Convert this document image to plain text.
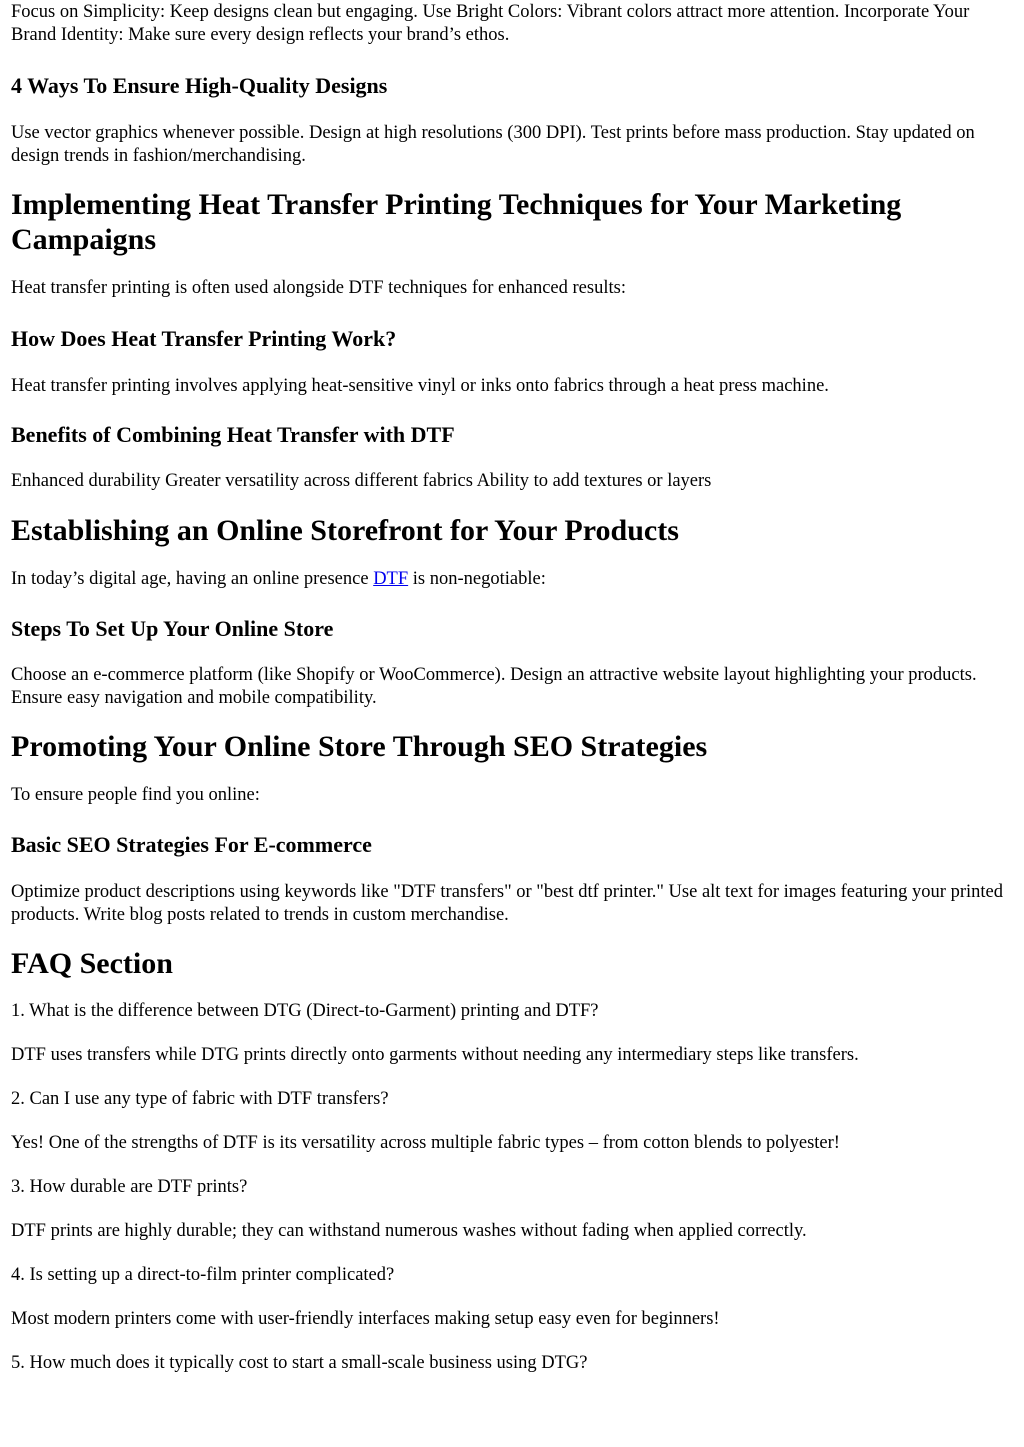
Focus on Simplicity: Keep designs clean but engaging. Use Bright Colors: Vibrant colors attract more attention. Incorporate Your Brand Identity: Make sure every design reflects your brand’s ethos.

4 Ways To Ensure High-Quality Designs

Use vector graphics whenever possible. Design at high resolutions (300 DPI). Test prints before mass production. Stay updated on design trends in fashion/merchandising.

Implementing Heat Transfer Printing Techniques for Your Marketing Campaigns

Heat transfer printing is often used alongside DTF techniques for enhanced results:

How Does Heat Transfer Printing Work?

Heat transfer printing involves applying heat-sensitive vinyl or inks onto fabrics through a heat press machine.

Benefits of Combining Heat Transfer with DTF

Enhanced durability Greater versatility across different fabrics Ability to add textures or layers

Establishing an Online Storefront for Your Products

In today’s digital age, having an online presence DTF is non-negotiable:

Steps To Set Up Your Online Store

Choose an e-commerce platform (like Shopify or WooCommerce). Design an attractive website layout highlighting your products. Ensure easy navigation and mobile compatibility.

Promoting Your Online Store Through SEO Strategies

To ensure people find you online:

Basic SEO Strategies For E-commerce

Optimize product descriptions using keywords like "DTF transfers" or "best dtf printer." Use alt text for images featuring your printed products. Write blog posts related to trends in custom merchandise.

FAQ Section

1. What is the difference between DTG (Direct-to-Garment) printing and DTF?

DTF uses transfers while DTG prints directly onto garments without needing any intermediary steps like transfers.

2. Can I use any type of fabric with DTF transfers?

Yes! One of the strengths of DTF is its versatility across multiple fabric types – from cotton blends to polyester!

3. How durable are DTF prints?

DTF prints are highly durable; they can withstand numerous washes without fading when applied correctly.

4. Is setting up a direct-to-film printer complicated?

Most modern printers come with user-friendly interfaces making setup easy even for beginners!

5. How much does it typically cost to start a small-scale business using DTG?
